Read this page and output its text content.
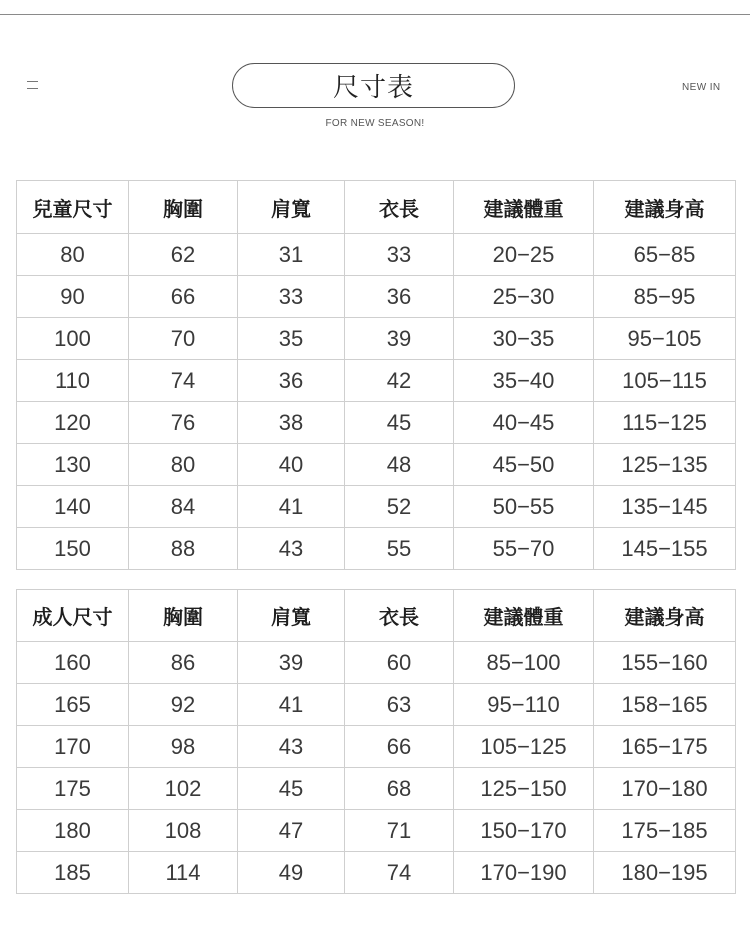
尺寸表
FOR NEW SEASON!
NEW IN
兒童尺寸	胸圍	肩寬	衣長	建議體重	建議身高
80	62	31	33	20−25	65−85
90	66	33	36	25−30	85−95
100	70	35	39	30−35	95−105
110	74	36	42	35−40	105−115
120	76	38	45	40−45	115−125
130	80	40	48	45−50	125−135
140	84	41	52	50−55	135−145
150	88	43	55	55−70	145−155
成人尺寸	胸圍	肩寬	衣長	建議體重	建議身高
160	86	39	60	85−100	155−160
165	92	41	63	95−110	158−165
170	98	43	66	105−125	165−175
175	102	45	68	125−150	170−180
180	108	47	71	150−170	175−185
185	114	49	74	170−190	180−195
